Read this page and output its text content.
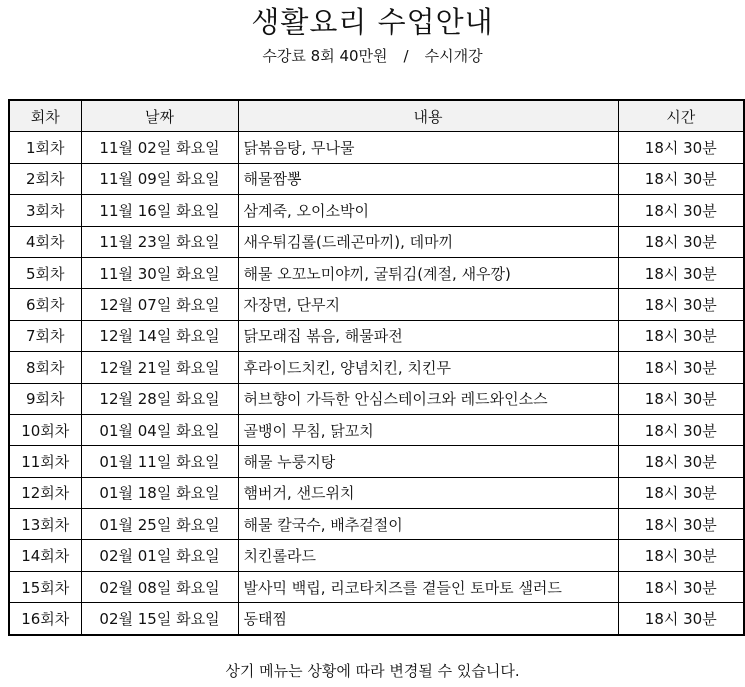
생활요리 수업안내
수강료 8회 40만원 / 수시개강
회차	날짜	내용	시간
1회차	11월 02일 화요일	닭볶음탕, 무나물	18시 30분
2회차	11월 09일 화요일	해물짬뽕	18시 30분
3회차	11월 16일 화요일	삼계죽, 오이소박이	18시 30분
4회차	11월 23일 화요일	새우튀김롤(드레곤마끼), 데마끼	18시 30분
5회차	11월 30일 화요일	해물 오꼬노미야끼, 굴튀김(계절, 새우깡)	18시 30분
6회차	12월 07일 화요일	자장면, 단무지	18시 30분
7회차	12월 14일 화요일	닭모래집 볶음, 해물파전	18시 30분
8회차	12월 21일 화요일	후라이드치킨, 양념치킨, 치킨무	18시 30분
9회차	12월 28일 화요일	허브향이 가득한 안심스테이크와 레드와인소스	18시 30분
10회차	01월 04일 화요일	골뱅이 무침, 닭꼬치	18시 30분
11회차	01월 11일 화요일	해물 누룽지탕	18시 30분
12회차	01월 18일 화요일	햄버거, 샌드위치	18시 30분
13회차	01월 25일 화요일	해물 칼국수, 배추겉절이	18시 30분
14회차	02월 01일 화요일	치킨롤라드	18시 30분
15회차	02월 08일 화요일	발사믹 백립, 리코타치즈를 곁들인 토마토 샐러드	18시 30분
16회차	02월 15일 화요일	동태찜	18시 30분
상기 메뉴는 상황에 따라 변경될 수 있습니다.
